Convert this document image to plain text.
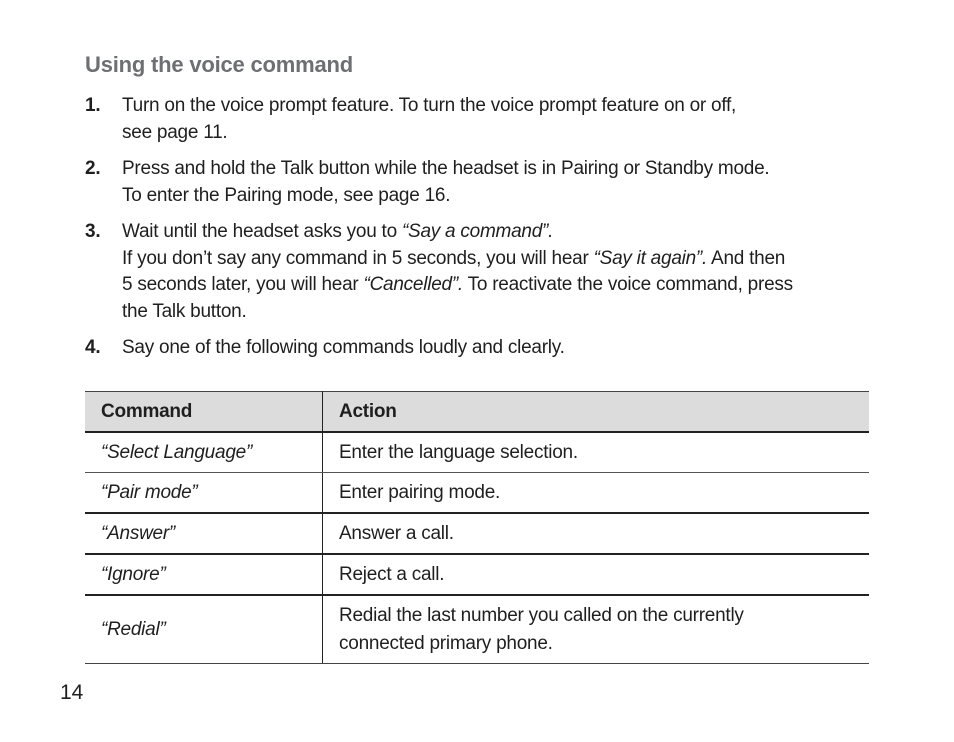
Using the voice command
1. Turn on the voice prompt feature. To turn the voice prompt feature on or off,
see page 11.
2. Press and hold the Talk button while the headset is in Pairing or Standby mode.
To enter the Pairing mode, see page 16.
3. Wait until the headset asks you to “Say a command”.
If you don’t say any command in 5 seconds, you will hear “Say it again”. And then
5 seconds later, you will hear “Cancelled”. To reactivate the voice command, press
the Talk button.
4. Say one of the following commands loudly and clearly.
Command	Action
“Select Language”	Enter the language selection.
“Pair mode”	Enter pairing mode.
“Answer”	Answer a call.
“Ignore”	Reject a call.
“Redial”	Redial the last number you called on the currently
connected primary phone.
14
